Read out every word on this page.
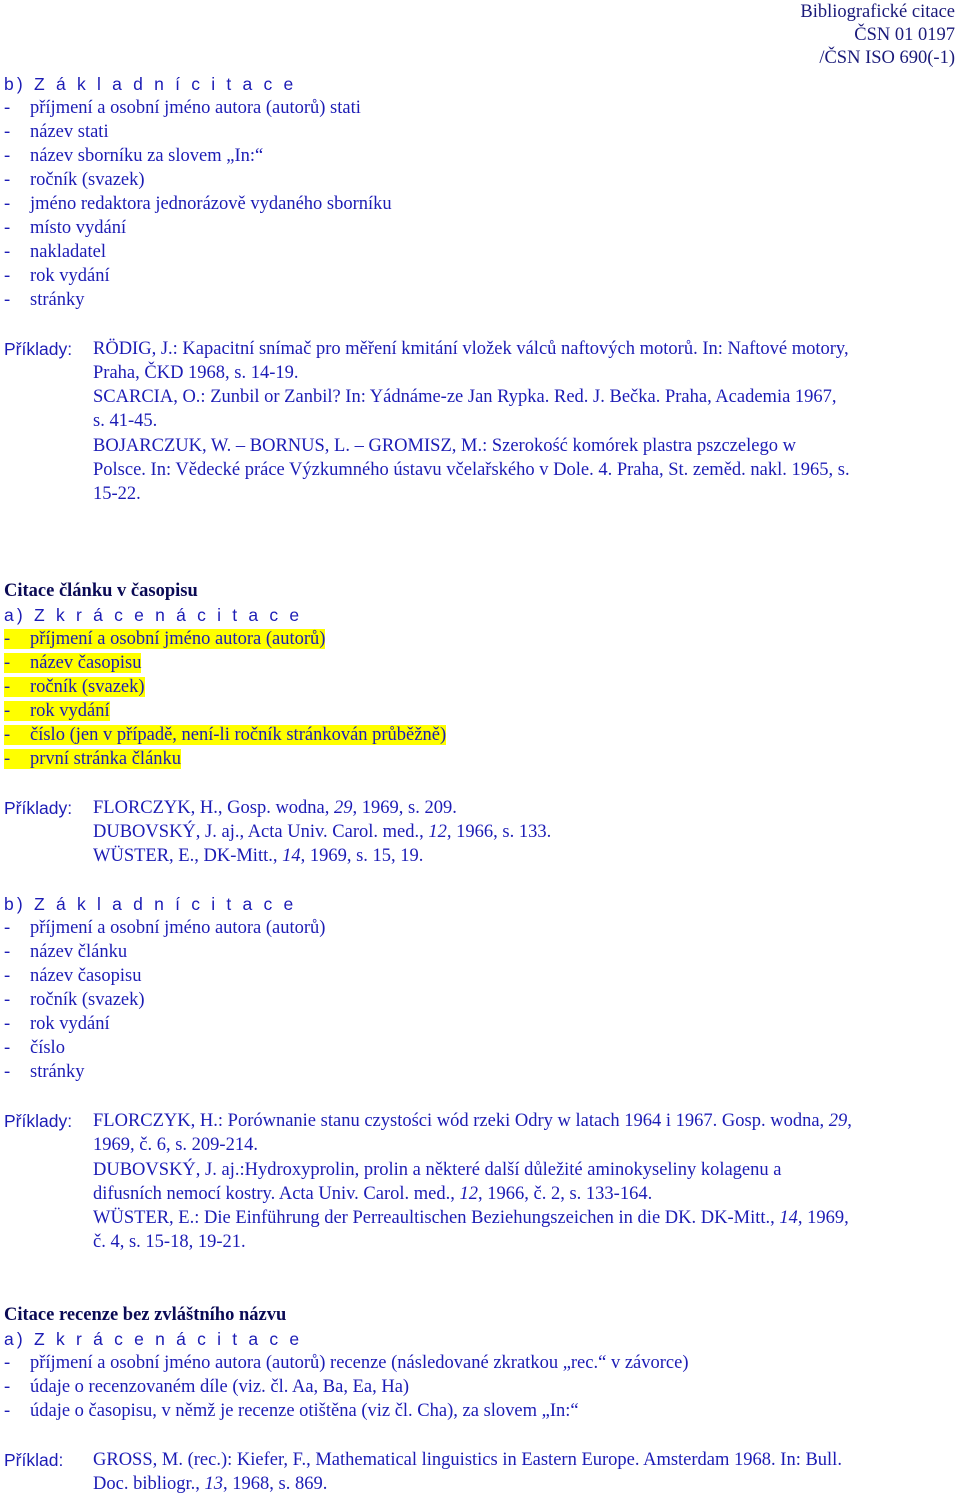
Bibliografické citace
ČSN 01 0197
/ČSN ISO 690(-1)
b) Z á k l a d n í c i t a c e
- příjmení a osobní jméno autora (autorů) stati
- název stati
- název sborníku za slovem „In:“
- ročník (svazek)
- jméno redaktora jednorázově vydaného sborníku
- místo vydání
- nakladatel
- rok vydání
- stránky
Příklady: RÖDIG, J.: Kapacitní snímač pro měření kmitání vložek válců naftových motorů. In: Naftové motory,
Praha, ČKD 1968, s. 14-19.
SCARCIA, O.: Zunbil or Zanbil? In: Yádnáme-ze Jan Rypka. Red. J. Bečka. Praha, Academia 1967,
s. 41-45.
BOJARCZUK, W. – BORNUS, L. – GROMISZ, M.: Szerokość komórek plastra pszczelego w
Polsce. In: Vědecké práce Výzkumného ústavu včelařského v Dole. 4. Praha, St. zeměd. nakl. 1965, s.
15-22.
Citace článku v časopisu
a) Z k r á c e n á c i t a c e
- příjmení a osobní jméno autora (autorů)
- název časopisu
- ročník (svazek)
- rok vydání
- číslo (jen v případě, není-li ročník stránkován průběžně)
- první stránka článku
Příklady: FLORCZYK, H., Gosp. wodna, 29, 1969, s. 209.
DUBOVSKÝ, J. aj., Acta Univ. Carol. med., 12, 1966, s. 133.
WÜSTER, E., DK-Mitt., 14, 1969, s. 15, 19.
b) Z á k l a d n í c i t a c e
- příjmení a osobní jméno autora (autorů)
- název článku
- název časopisu
- ročník (svazek)
- rok vydání
- číslo
- stránky
Příklady: FLORCZYK, H.: Porównanie stanu czystości wód rzeki Odry w latach 1964 i 1967. Gosp. wodna, 29,
1969, č. 6, s. 209-214.
DUBOVSKÝ, J. aj.:Hydroxyprolin, prolin a některé další důležité aminokyseliny kolagenu a
difusních nemocí kostry. Acta Univ. Carol. med., 12, 1966, č. 2, s. 133-164.
WÜSTER, E.: Die Einführung der Perreaultischen Beziehungszeichen in die DK. DK-Mitt., 14, 1969,
č. 4, s. 15-18, 19-21.
Citace recenze bez zvláštního názvu
a) Z k r á c e n á c i t a c e
- příjmení a osobní jméno autora (autorů) recenze (následované zkratkou „rec.“ v závorce)
- údaje o recenzovaném díle (viz. čl. Aa, Ba, Ea, Ha)
- údaje o časopisu, v němž je recenze otištěna (viz čl. Cha), za slovem „In:“
Příklad: GROSS, M. (rec.): Kiefer, F., Mathematical linguistics in Eastern Europe. Amsterdam 1968. In: Bull.
Doc. bibliogr., 13, 1968, s. 869.
